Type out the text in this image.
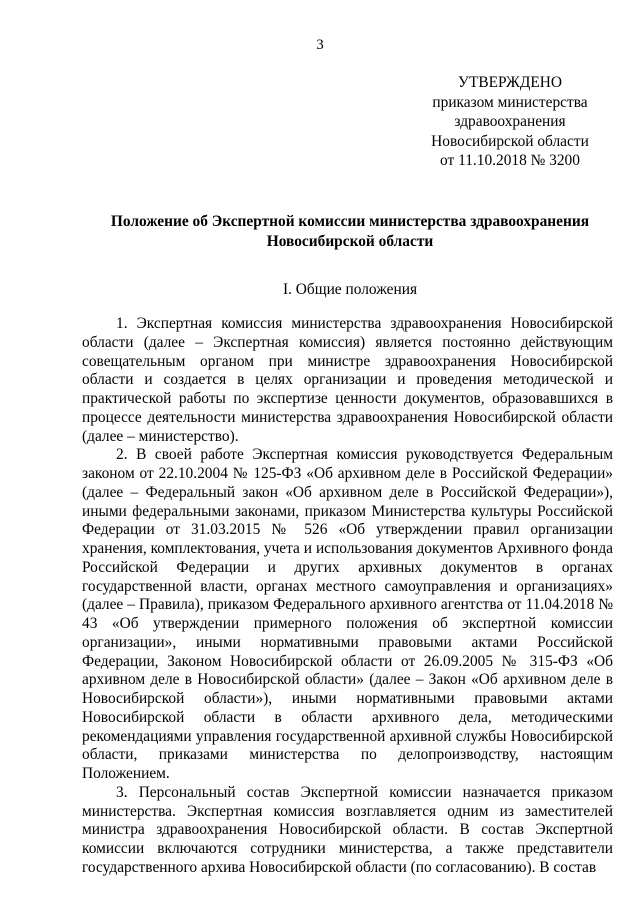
3
УТВЕРЖДЕНО
приказом министерства
здравоохранения
Новосибирской области
от 11.10.2018 № 3200
Положение об Экспертной комиссии министерства здравоохранения
Новосибирской области
I. Общие положения

1. Экспертная комиссия министерства здравоохранения Новосибирской области (далее – Экспертная комиссия) является постоянно действующим совещательным органом при министре здравоохранения Новосибирской области и создается в целях организации и проведения методической и практической работы по экспертизе ценности документов, образовавшихся в процессе деятельности министерства здравоохранения Новосибирской области (далее – министерство).

2. В своей работе Экспертная комиссия руководствуется Федеральным законом от 22.10.2004 № 125-ФЗ «Об архивном деле в Российской Федерации» (далее – Федеральный закон «Об архивном деле в Российской Федерации»), иными федеральными законами, приказом Министерства культуры Российской Федерации от 31.03.2015 № 526 «Об утверждении правил организации хранения, комплектования, учета и использования документов Архивного фонда Российской Федерации и других архивных документов в органах государственной власти, органах местного самоуправления и организациях» (далее – Правила), приказом Федерального архивного агентства от 11.04.2018 № 43 «Об утверждении примерного положения об экспертной комиссии организации», иными нормативными правовыми актами Российской Федерации, Законом Новосибирской области от 26.09.2005 № 315-ФЗ «Об архивном деле в Новосибирской области» (далее – Закон «Об архивном деле в Новосибирской области»), иными нормативными правовыми актами Новосибирской области в области архивного дела, методическими рекомендациями управления государственной архивной службы Новосибирской области, приказами министерства по делопроизводству, настоящим Положением.

3. Персональный состав Экспертной комиссии назначается приказом министерства. Экспертная комиссия возглавляется одним из заместителей министра здравоохранения Новосибирской области. В состав Экспертной комиссии включаются сотрудники министерства, а также представители государственного архива Новосибирской области (по согласованию). В состав
